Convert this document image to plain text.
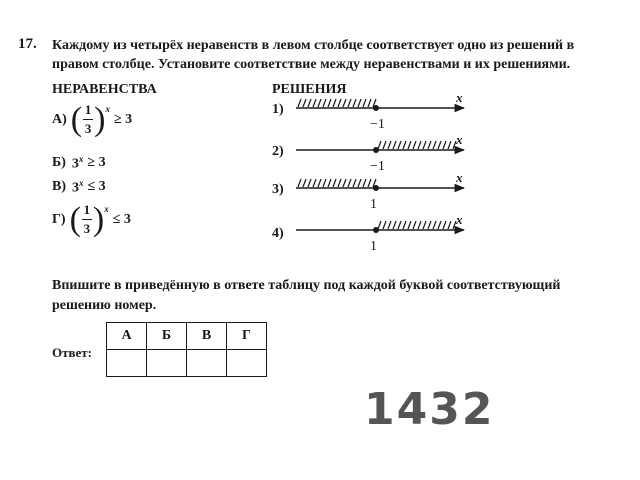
17. Каждому из четырёх неравенств в левом столбце соответствует одно из решений в правом столбце. Установите соответствие между неравенствами и их решениями.
НЕРАВЕНСТВА	РЕШЕНИЯ
А) ( 1
3 )$^x$
≥ 3
Б) $3^x \ge 3$
В) $3^x \le 3$
Г) ( 1
3 )$^x$
≤ 3
1)
2)
3)
4)
−1
x
−1
x
1
x
1
x
Впишите в приведённую в ответе таблицу под каждой буквой соответствующий решению номер.
Ответ:
А	Б	В	Г

1432
